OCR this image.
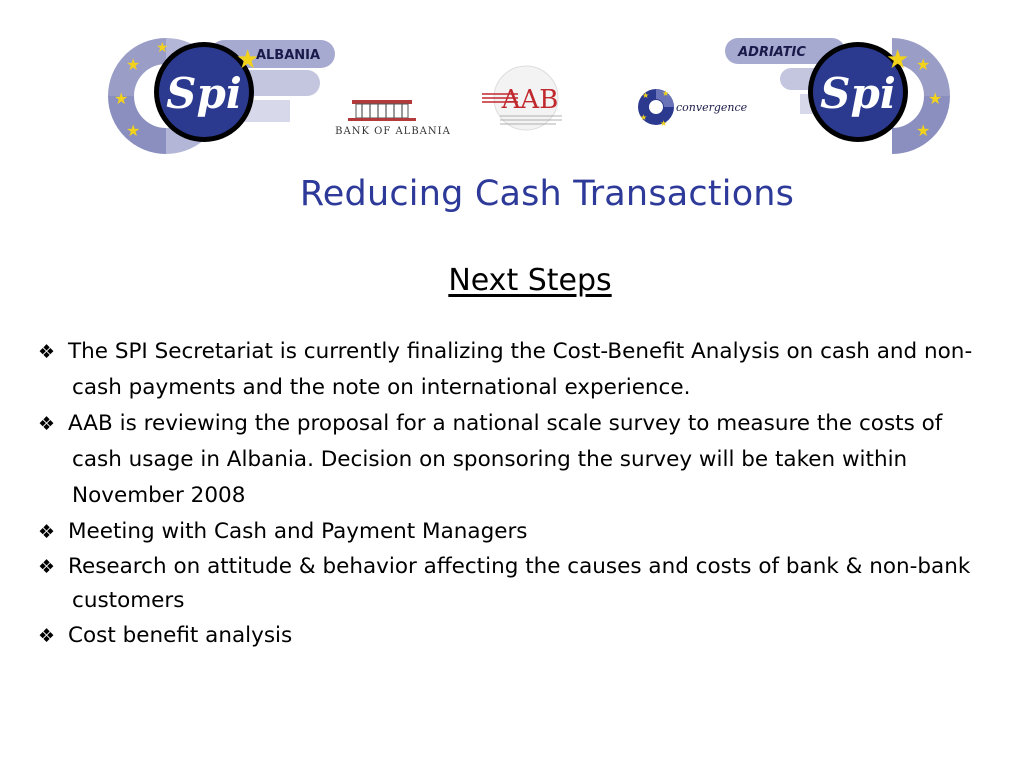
★
★
★
★	★
Spi
ALBANIA
BANK OF ALBANIA
AAB	★ ★
★
★
convergence
★
★
★
★
Spi
ADRIATIC
Reducing Cash Transactions
Next Steps
❖ The SPI Secretariat is currently finalizing the Cost-Benefit Analysis on cash and non-cash payments and the note on international experience.
❖ AAB is reviewing the proposal for a national scale survey to measure the costs of cash usage in Albania. Decision on sponsoring the survey will be taken within November 2008
❖ Meeting with Cash and Payment Managers
❖ Research on attitude & behavior affecting the causes and costs of bank & non-bank customers
❖ Cost benefit analysis
